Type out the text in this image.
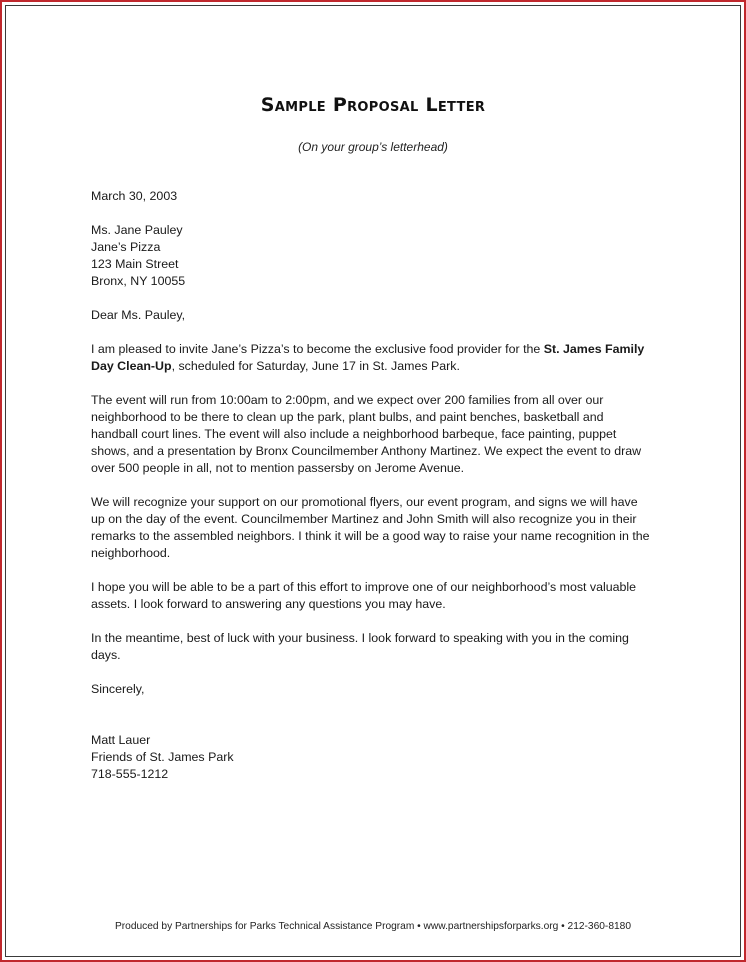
Sample Proposal Letter
(On your group’s letterhead)

March 30, 2003

Ms. Jane Pauley

Jane’s Pizza

123 Main Street

Bronx, NY 10055

Dear Ms. Pauley,

I am pleased to invite Jane’s Pizza’s to become the exclusive food provider for the St. James Family Day Clean-Up, scheduled for Saturday, June 17 in St. James Park.

The event will run from 10:00am to 2:00pm, and we expect over 200 families from all over our neighborhood to be there to clean up the park, plant bulbs, and paint benches, basketball and handball court lines. The event will also include a neighborhood barbeque, face painting, puppet shows, and a presentation by Bronx Councilmember Anthony Martinez. We expect the event to draw over 500 people in all, not to mention passersby on Jerome Avenue.

We will recognize your support on our promotional flyers, our event program, and signs we will have up on the day of the event. Councilmember Martinez and John Smith will also recognize you in their remarks to the assembled neighbors. I think it will be a good way to raise your name recognition in the neighborhood.

I hope you will be able to be a part of this effort to improve one of our neighborhood’s most valuable assets. I look forward to answering any questions you may have.

In the meantime, best of luck with your business. I look forward to speaking with you in the coming days.

Sincerely,

Matt Lauer

Friends of St. James Park

718-555-1212

Produced by Partnerships for Parks Technical Assistance Program • www.partnershipsforparks.org • 212-360-8180
